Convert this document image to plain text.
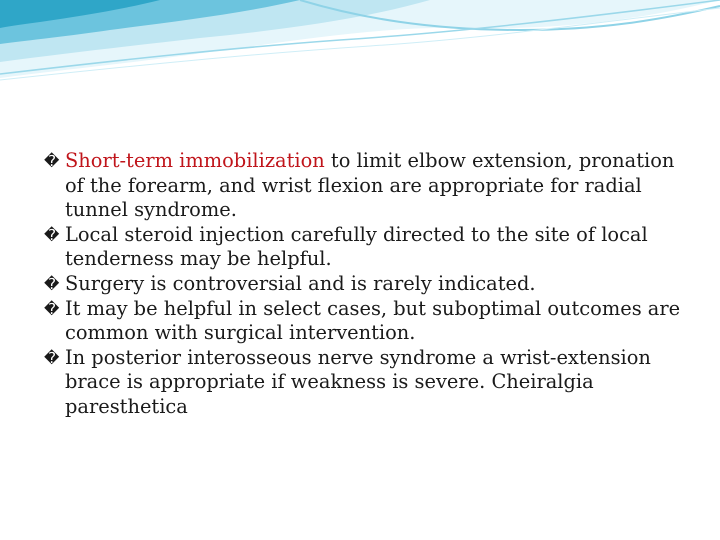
� Short-term immobilization to limit elbow extension, pronation of the forearm, and wrist flexion are appropriate for radial tunnel syndrome.
� Local steroid injection carefully directed to the site of local tenderness may be helpful.
� Surgery is controversial and is rarely indicated.
� It may be helpful in select cases, but suboptimal outcomes are common with surgical intervention.
� In posterior interosseous nerve syndrome a wrist-extension brace is appropriate if weakness is severe. Cheiralgia paresthetica
